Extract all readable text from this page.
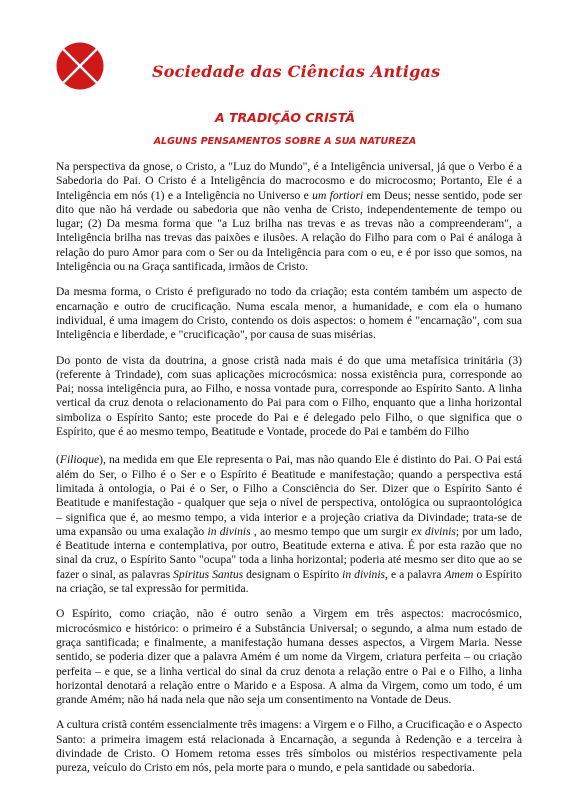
Sociedade das Ciências Antigas
A TRADIÇÃO CRISTÃ
ALGUNS PENSAMENTOS SOBRE A SUA NATUREZA

Na perspectiva da gnose, o Cristo, a "Luz do Mundo", é a Inteligência universal, já que o Verbo é a Sabedoria do Pai. O Cristo é a Inteligência do macrocosmo e do microcosmo; Portanto, Ele é a Inteligência em nós (1) e a Inteligência no Universo e um fortiori em Deus; nesse sentido, pode ser dito que não há verdade ou sabedoria que não venha de Cristo, independentemente de tempo ou lugar; (2) Da mesma forma que "a Luz brilha nas trevas e as trevas não a compreenderam", a Inteligência brilha nas trevas das paixões e ilusões. A relação do Filho para com o Pai é análoga à relação do puro Amor para com o Ser ou da Inteligência para com o eu, e é por isso que somos, na Inteligência ou na Graça santificada, irmãos de Cristo.

Da mesma forma, o Cristo é prefigurado no todo da criação; esta contém também um aspecto de encarnação e outro de crucificação. Numa escala menor, a humanidade, e com ela o humano individual, é uma imagem do Cristo, contendo os dois aspectos: o homem é "encarnação", com sua Inteligência e liberdade, e "crucificação", por causa de suas misérias.

Do ponto de vista da doutrina, a gnose cristã nada mais é do que uma metafísica trinitária (3) (referente à Trindade), com suas aplicações microcósmica: nossa existência pura, corresponde ao Pai; nossa inteligência pura, ao Filho, e nossa vontade pura, corresponde ao Espírito Santo. A linha vertical da cruz denota o relacionamento do Pai para com o Filho, enquanto que a linha horizontal simboliza o Espírito Santo; este procede do Pai e é delegado pelo Filho, o que significa que o Espírito, que é ao mesmo tempo, Beatitude e Vontade, procede do Pai e também do Filho

(Filioque), na medida em que Ele representa o Pai, mas não quando Ele é distinto do Pai. O Pai está além do Ser, o Filho é o Ser e o Espírito é Beatitude e manifestação; quando a perspectiva está limitada à ontologia, o Pai é o Ser, o Filho a Consciência do Ser. Dizer que o Espírito Santo é Beatitude e manifestação - qualquer que seja o nível de perspectiva, ontológica ou supraontológica – significa que é, ao mesmo tempo, a vida interior e a projeção criativa da Divindade; trata-se de uma expansão ou uma exalação in divinis , ao mesmo tempo que um surgir ex divinis; por um lado, é Beatitude interna e contemplativa, por outro, Beatitude externa e ativa. É por esta razão que no sinal da cruz, o Espírito Santo "ocupa" toda a linha horizontal; poderia até mesmo ser dito que ao se fazer o sinal, as palavras Spiritus Santus designam o Espírito in divinis, e a palavra Amem o Espírito na criação, se tal expressão for permitida.

O Espírito, como criação, não é outro senão a Virgem em três aspectos: macrocósmico, microcósmico e histórico: o primeiro é a Substância Universal; o segundo, a alma num estado de graça santificada; e finalmente, a manifestação humana desses aspectos, a Virgem Maria. Nesse sentido, se poderia dizer que a palavra Amém é um nome da Virgem, criatura perfeita – ou criação perfeita – e que, se a linha vertical do sinal da cruz denota a relação entre o Pai e o Filho, a linha horizontal denotará a relação entre o Marido e a Esposa. A alma da Virgem, como um todo, é um grande Amém; não há nada nela que não seja um consentimento na Vontade de Deus.

A cultura cristã contém essencialmente três imagens: a Virgem e o Filho, a Crucificação e o Aspecto Santo: a primeira imagem está relacionada à Encarnação, a segunda à Redenção e a terceira à divindade de Cristo. O Homem retoma esses três símbolos ou mistérios respectivamente pela pureza, veículo do Cristo em nós, pela morte para o mundo, e pela santidade ou sabedoria.
